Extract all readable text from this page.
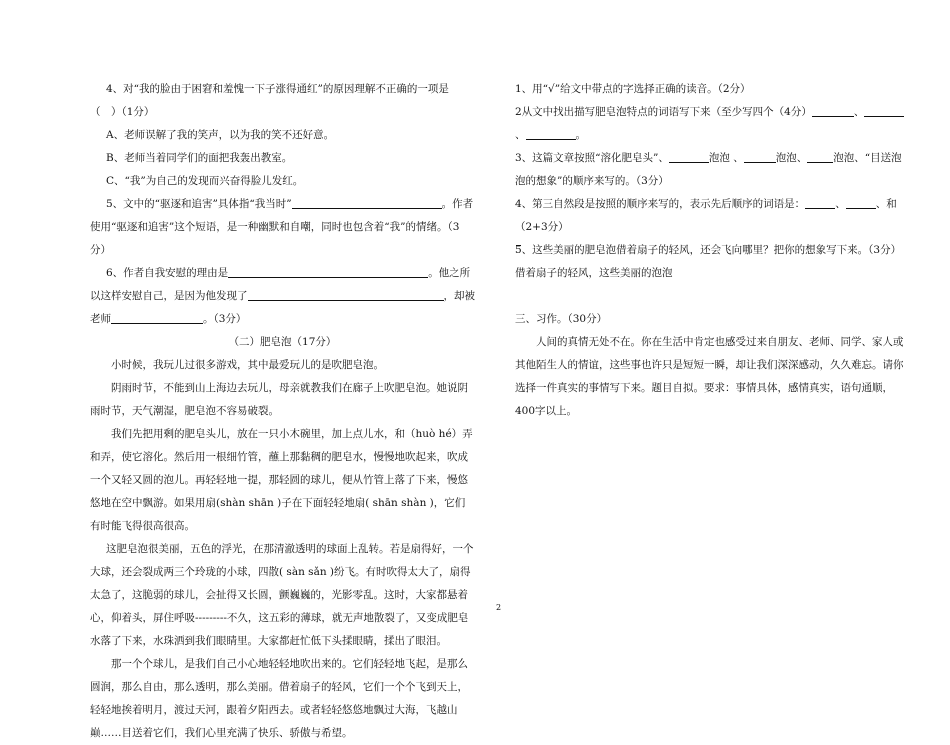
4、对“我的脸由于困窘和羞愧一下子涨得通红”的原因理解不正确的一项是（　）（1分）

A、老师误解了我的笑声，以为我的笑不还好意。

B、老师当着同学们的面把我轰出教室。

C、“我”为自己的发现而兴奋得脸儿发红。

5、文中的“驱逐和追害”具体指“我当时”	。作者使用“驱逐和追害”这个短语，是一种幽默和自嘲，同时也包含着“我”的情绪。（3分）

6、作者自我安慰的理由是	。他之所以这样安慰自己，是因为他发现了	，却被老师	。（3分）

（二）肥皂泡（17分）

小时候，我玩儿过很多游戏，其中最爱玩儿的是吹肥皂泡。

阴雨时节，不能到山上海边去玩儿，母亲就教我们在廊子上吹肥皂泡。她说阴雨时节，天气潮湿，肥皂泡不容易破裂。

我们先把用剩的肥皂头儿，放在一只小木碗里，加上点儿水，和（huò hé）弄和弄，使它溶化。然后用一根细竹管，蘸上那黏稠的肥皂水，慢慢地吹起来，吹成一个又轻又圆的泡儿。再轻轻地一提，那轻圆的球儿，便从竹管上落了下来，慢悠悠地在空中飘游。如果用扇(shàn shān )子在下面轻轻地扇( shān shàn )，它们有时能飞得很高很高。

这肥皂泡很美丽，五色的浮光，在那清澈透明的球面上乱转。若是扇得好，一个大球，还会裂成两三个玲珑的小球，四散( sàn sǎn )纷飞。有时吹得太大了，扇得太急了，这脆弱的球儿，会扯得又长圆，颤巍巍的，光影零乱。这时，大家都悬着心，仰着头，屏住呼吸---------不久，这五彩的薄球，就无声地散裂了，又变成肥皂水落了下来，水珠洒到我们眼睛里。大家都赶忙低下头揉眼睛，揉出了眼泪。

那一个个球儿，是我们自己小心地轻轻地吹出来的。它们轻轻地飞起，是那么圆润，那么自由，那么透明，那么美丽。借着扇子的轻风，它们一个个飞到天上，轻轻地挨着明月，渡过天河，跟着夕阳西去。或者轻轻悠悠地飘过大海，飞越山巅……目送着它们，我们心里充满了快乐、骄傲与希望。

1、用“√”给文中带点的字选择正确的读音。（2分）

2从文中找出描写肥皂泡特点的词语写下来（至少写四个（4分）	、、	。

3、这篇文章按照“溶化肥皂头”、	泡泡 、	泡泡、 泡泡、“目送泡泡的想象”的顺序来写的。（3分）

4、第三自然段是按照的顺序来写的，表示先后顺序的词语是：	、	、和（2+3分）

5、这些美丽的肥皂泡借着扇子的轻风，还会飞向哪里？把你的想象写下来。（3分）借着扇子的轻风，这些美丽的泡泡

三、习作。（30分）

人间的真情无处不在。你在生活中肯定也感受过来自朋友、老师、同学、家人或其他陌生人的情谊，这些事也许只是短短一瞬，却让我们深深感动，久久难忘。请你选择一件真实的事情写下来。题目自拟。要求：事情具体，感情真实，语句通顺，400字以上。

2
